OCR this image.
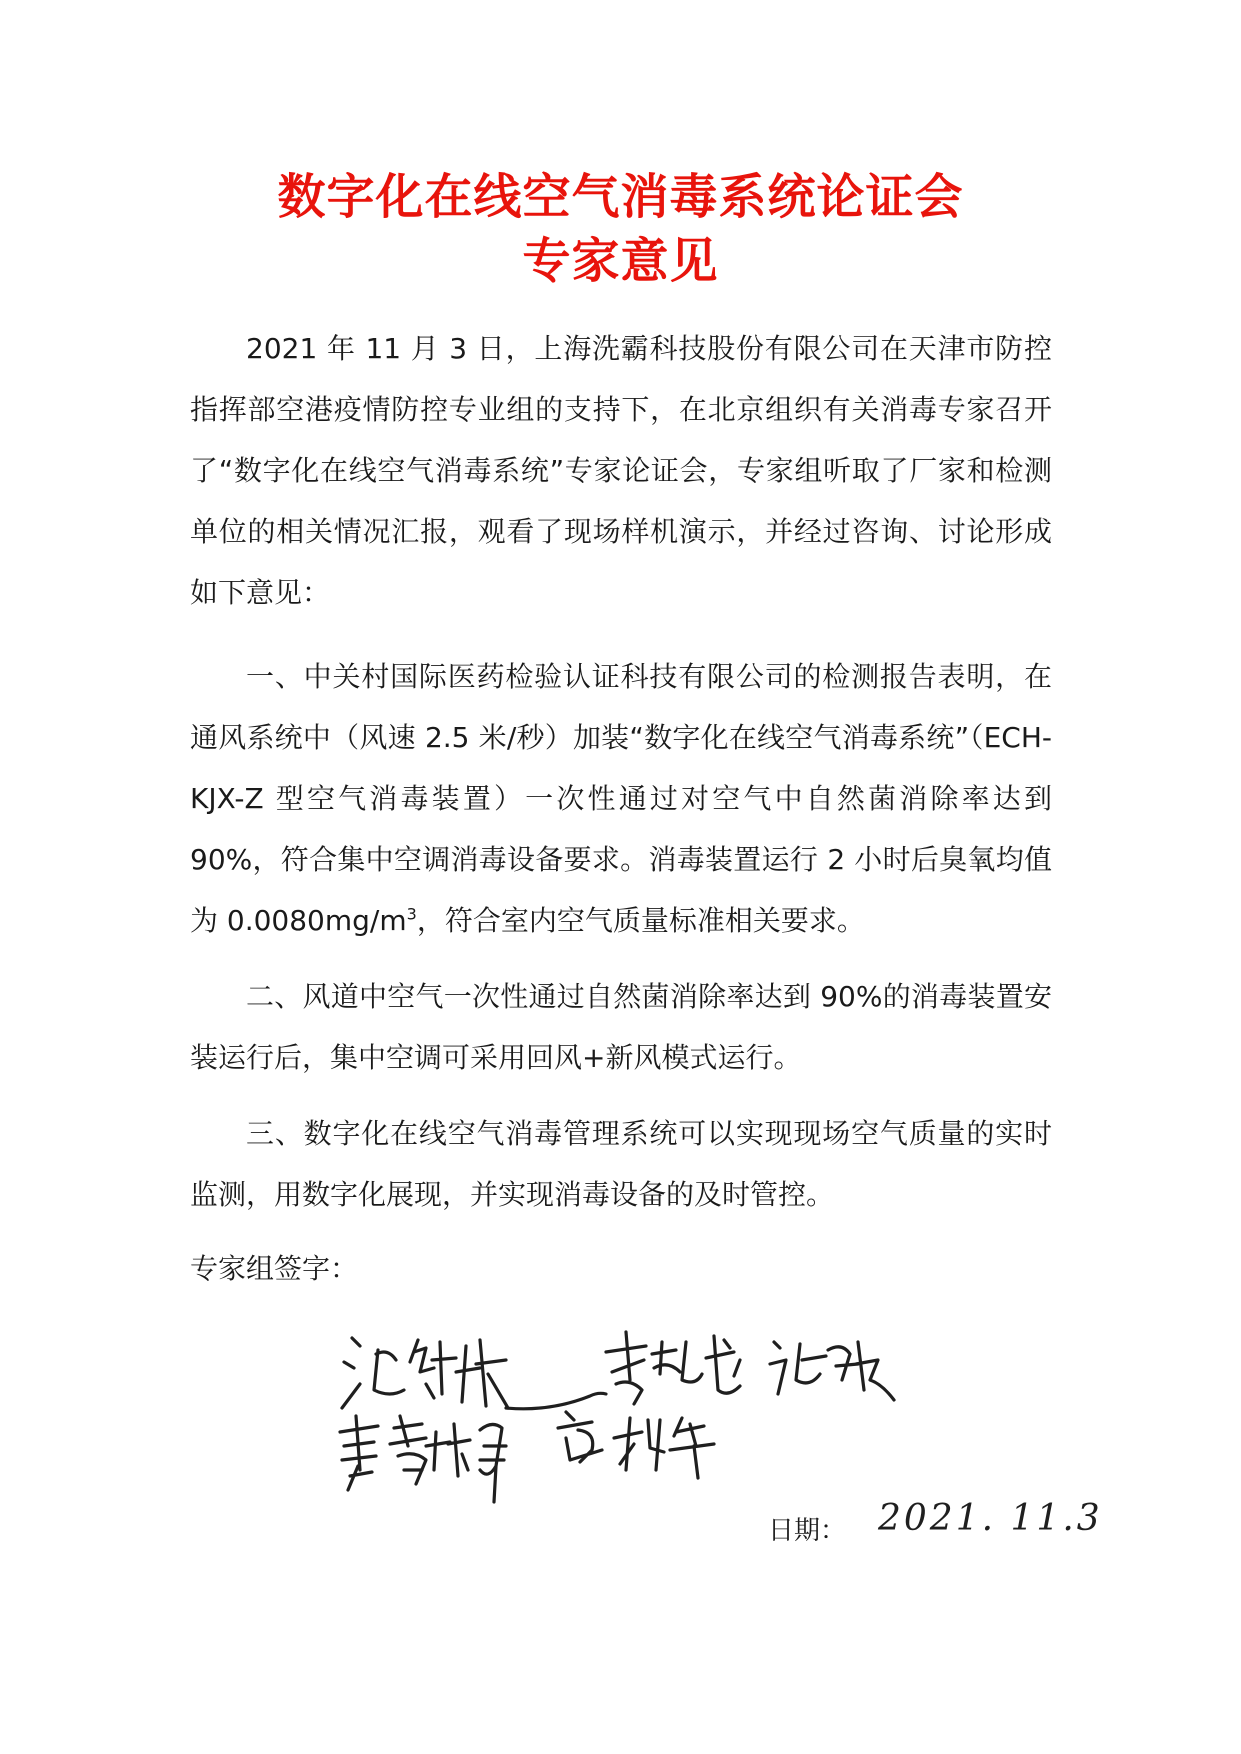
数字化在线空气消毒系统论证会
专家意见

2021 年 11 月 3 日，上海洗霸科技股份有限公司在天津市防控指挥部空港疫情防控专业组的支持下，在北京组织有关消毒专家召开了“数字化在线空气消毒系统”专家论证会，专家组听取了厂家和检测单位的相关情况汇报，观看了现场样机演示，并经过咨询、讨论形成如下意见：

一、中关村国际医药检验认证科技有限公司的检测报告表明，在通风系统中（风速 2.5 米/秒）加装“数字化在线空气消毒系统”（ECH-KJX-Z 型空气消毒装置）一次性通过对空气中自然菌消除率达到 90%，符合集中空调消毒设备要求。消毒装置运行 2 小时后臭氧均值为 $0.0080mg/m^3$，符合室内空气质量标准相关要求。

二、风道中空气一次性通过自然菌消除率达到 90%的消毒装置安装运行后，集中空调可采用回风+新风模式运行。

三、数字化在线空气消毒管理系统可以实现现场空气质量的实时监测，用数字化展现，并实现消毒设备的及时管控。

专家组签字：

日期： 2021. 11.3
